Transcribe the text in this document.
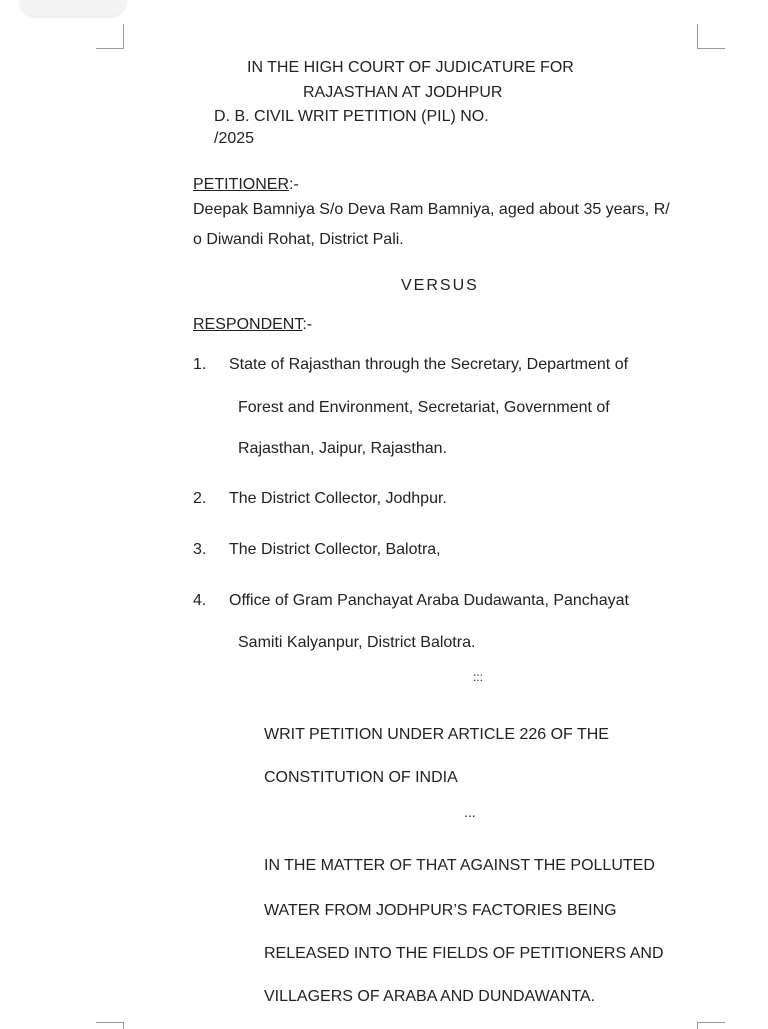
IN THE HIGH COURT OF JUDICATURE FOR
RAJASTHAN AT JODHPUR
D. B. CIVIL WRIT PETITION (PIL) NO.
/2025
PETITIONER:-
Deepak Bamniya S/o Deva Ram Bamniya, aged about 35 years, R/
o Diwandi Rohat, District Pali.
VERSUS
RESPONDENT:-
1. State of Rajasthan through the Secretary, Department of
Forest and Environment, Secretariat, Government of
Rajasthan, Jaipur, Rajasthan.
2. The District Collector, Jodhpur.
3. The District Collector, Balotra,
4. Office of Gram Panchayat Araba Dudawanta, Panchayat
Samiti Kalyanpur, District Balotra.
:::
WRIT PETITION UNDER ARTICLE 226 OF THE
CONSTITUTION OF INDIA
...
IN THE MATTER OF THAT AGAINST THE POLLUTED
WATER FROM JODHPUR’S FACTORIES BEING
RELEASED INTO THE FIELDS OF PETITIONERS AND
VILLAGERS OF ARABA AND DUNDAWANTA.
